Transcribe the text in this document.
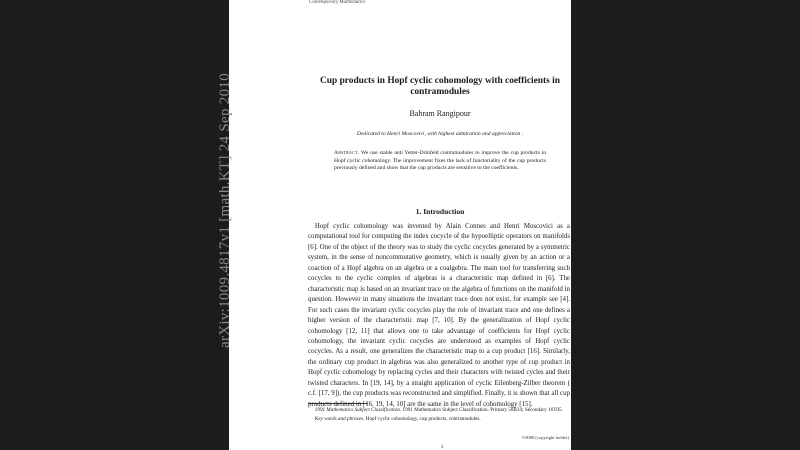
Contemporary Mathematics
arXiv:1009.4817v1 [math.KT] 24 Sep 2010	Cup products in Hopf cyclic cohomology with coefficients in contramodules
Bahram Rangipour
Dedicated to Henri Moscovici, with highest admiration and appreciation .
Abstract. We use stable anti Yetter-Drinfeld contramodules to improve the cup products in Hopf cyclic cohomology. The improvement fixes the lack of functoriality of the cup products previously defined and show that the cup products are sensitive to the coefficients.
1. Introduction
Hopf cyclic cohomology was invented by Alain Connes and Henri Moscovici as a computational tool for computing the index cocycle of the hypoelliptic operators on manifolds [6]. One of the object of the theory was to study the cyclic cocycles generated by a symmetric system, in the sense of noncommutative geometry, which is usually given by an action or a coaction of a Hopf algebra on an algebra or a coalgebra. The main tool for transferring such cocycles to the cyclic complex of algebras is a characteristic map defined in [6]. The characteristic map is based on an invariant trace on the algebra of functions on the manifold in question. However in many situations the invariant trace does not exist, for example see [4]. For such cases the invariant cyclic cocycles play the role of invariant trace and one defines a higher version of the characteristic map [7, 10]. By the generalization of Hopf cyclic cohomology [12, 11] that allows one to take advantage of coefficients for Hopf cyclic cohomology, the invariant cyclic cocycles are understood as examples of Hopf cyclic cocycles. As a result, one generalizes the characteristic map to a cup product [16]. Similarly, the ordinary cup product in algebras was also generalized to another type of cup product in Hopf cyclic cohomology by replacing cycles and their characters with twisted cycles and their twisted characters. In [19, 14], by a straight application of cyclic Eilenberg-Zilber theorem ( c.f. [17, 9]), the cup products was reconstructed and simplified. Finally, it is shown that all cup products defined in [16, 19, 14, 10] are the same in the level of cohomology [15].

1991 Mathematics Subject Classification. 1991 Mathematics Subject Classification. Primary 58B34; Secondary 16T05.

Key words and phrases. Hopf cyclic cohomology, cup products, contramodules.

©0000 (copyright holder)
1
